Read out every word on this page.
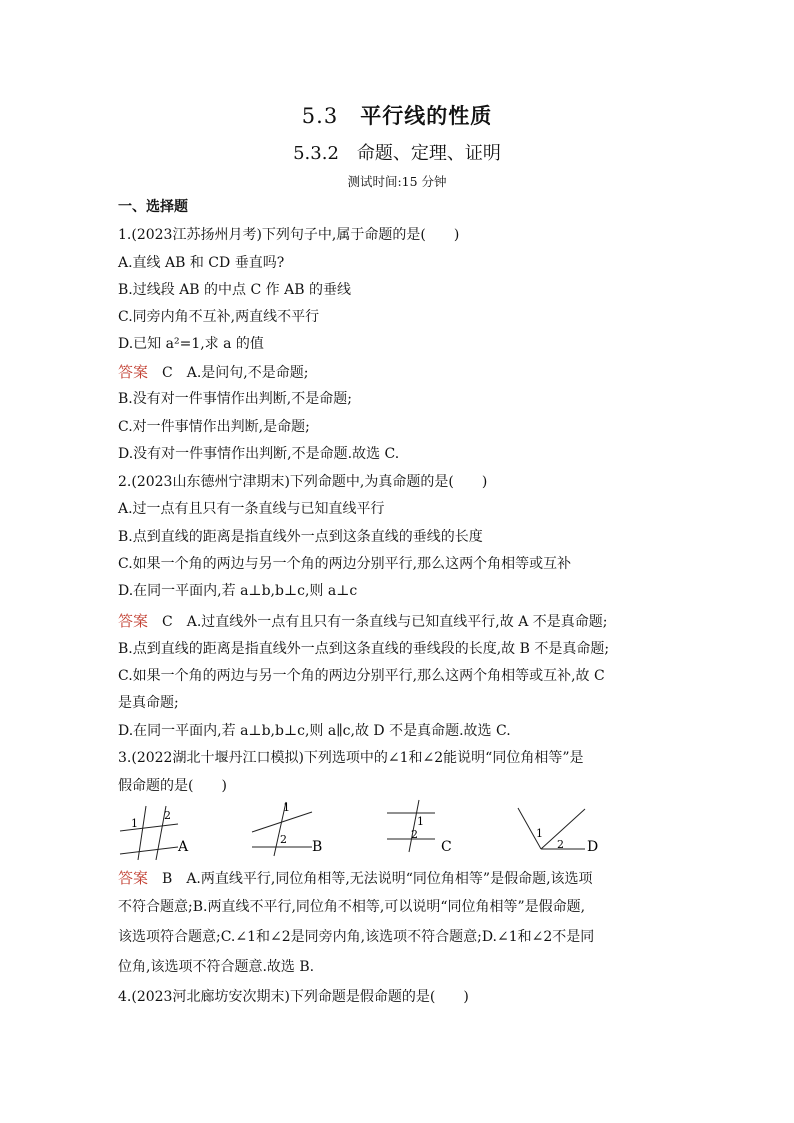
5.3 平行线的性质
5.3.2 命题、定理、证明
测试时间:15 分钟
一、选择题
1.(2023江苏扬州月考)下列句子中,属于命题的是(　　)
A.直线 AB 和 CD 垂直吗?
B.过线段 AB 的中点 C 作 AB 的垂线
C.同旁内角不互补,两直线不平行
D.已知 a²=1,求 a 的值
答案 C A.是问句,不是命题;
B.没有对一件事情作出判断,不是命题;
C.对一件事情作出判断,是命题;
D.没有对一件事情作出判断,不是命题.故选 C.
2.(2023山东德州宁津期末)下列命题中,为真命题的是(　　)
A.过一点有且只有一条直线与已知直线平行
B.点到直线的距离是指直线外一点到这条直线的垂线的长度
C.如果一个角的两边与另一个角的两边分别平行,那么这两个角相等或互补
D.在同一平面内,若 a⊥b,b⊥c,则 a⊥c
答案 C A.过直线外一点有且只有一条直线与已知直线平行,故 A 不是真命题;
B.点到直线的距离是指直线外一点到这条直线的垂线段的长度,故 B 不是真命题;
C.如果一个角的两边与另一个角的两边分别平行,那么这两个角相等或互补,故 C
是真命题;
D.在同一平面内,若 a⊥b,b⊥c,则 a∥c,故 D 不是真命题.故选 C.
3.(2022湖北十堰丹江口模拟)下列选项中的∠1和∠2能说明“同位角相等”是
假命题的是(　　)
1
2
A
1
2 B
1
2
C
1
2 D
答案 B A.两直线平行,同位角相等,无法说明“同位角相等”是假命题,该选项
不符合题意;B.两直线不平行,同位角不相等,可以说明“同位角相等”是假命题,
该选项符合题意;C.∠1和∠2是同旁内角,该选项不符合题意;D.∠1和∠2不是同
位角,该选项不符合题意.故选 B.
4.(2023河北廊坊安次期末)下列命题是假命题的是(　　)
